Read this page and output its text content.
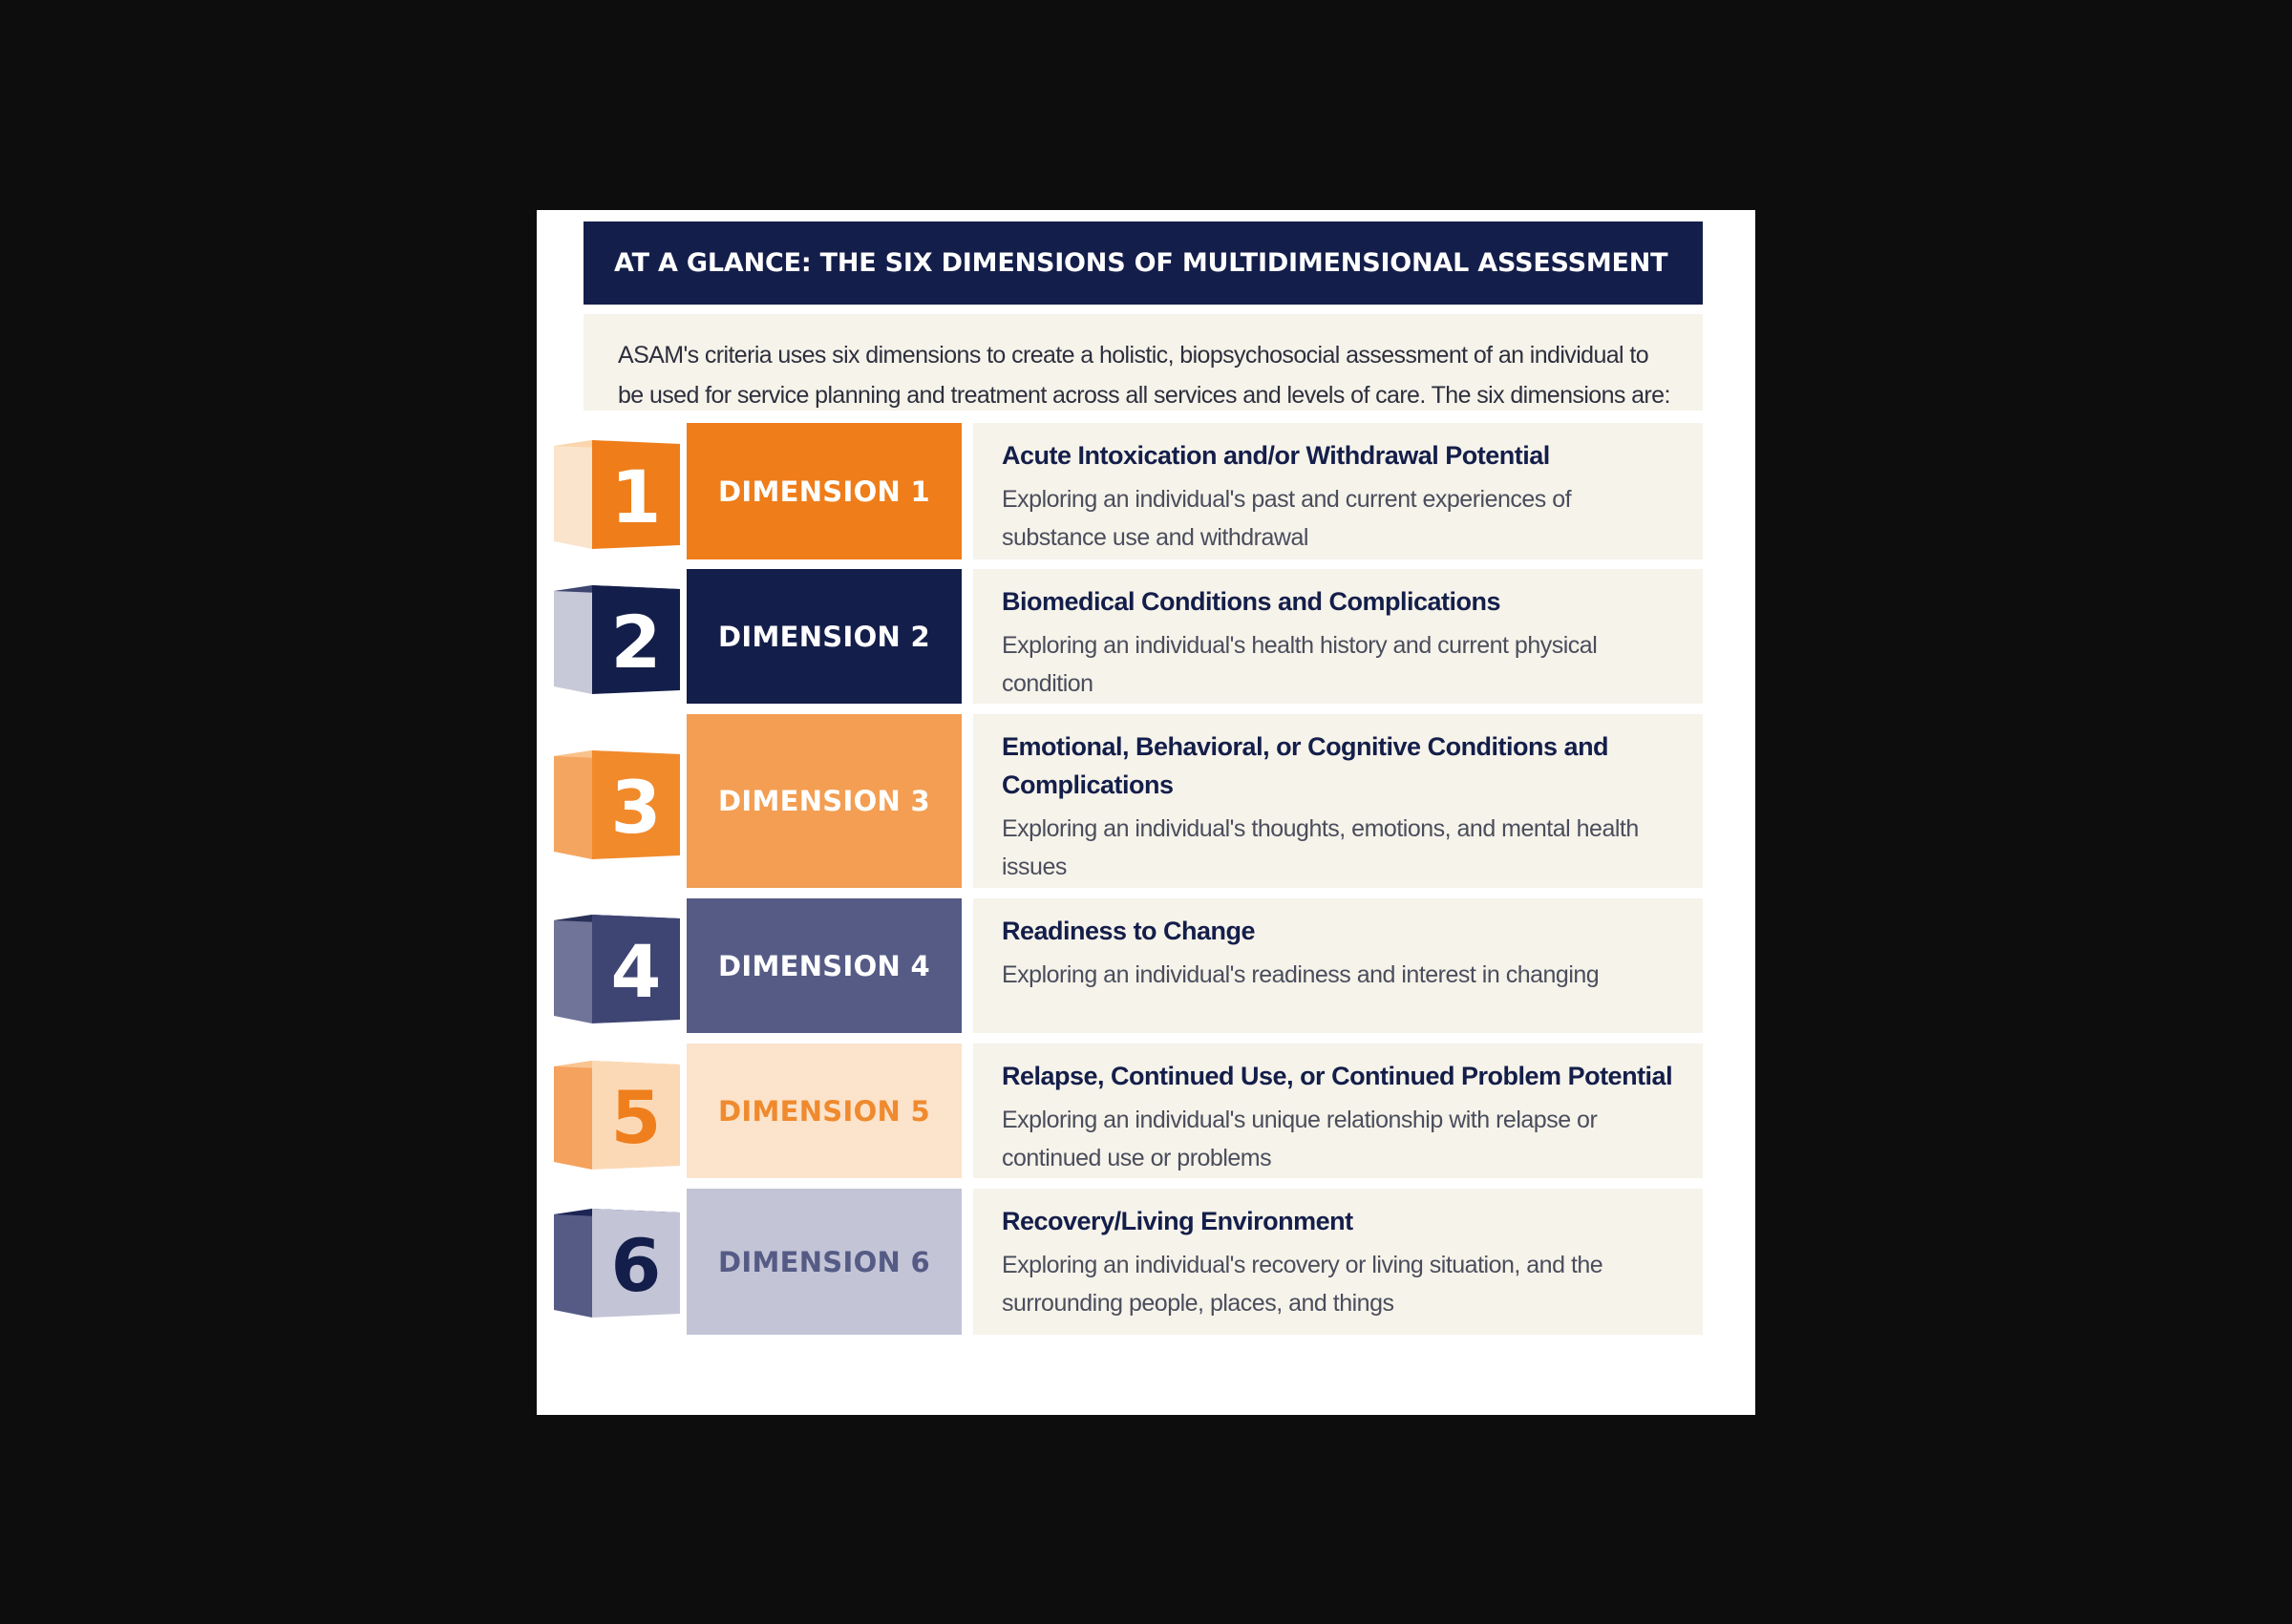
AT A GLANCE: THE SIX DIMENSIONS OF MULTIDIMENSIONAL ASSESSMENT
ASAM's criteria uses six dimensions to create a holistic, biopsychosocial assessment of an individual to be used for service planning and treatment across all services and levels of care. The six dimensions are:
1	DIMENSION 1
Acute Intoxication and/or Withdrawal Potential
Exploring an individual's past and current experiences of substance use and withdrawal
2	DIMENSION 2
Biomedical Conditions and Complications
Exploring an individual's health history and current physical condition
3	DIMENSION 3
Emotional, Behavioral, or Cognitive Conditions and Complications
Exploring an individual's thoughts, emotions, and mental health issues
4	DIMENSION 4
Readiness to Change
Exploring an individual's readiness and interest in changing
5	DIMENSION 5
Relapse, Continued Use, or Continued Problem Potential
Exploring an individual's unique relationship with relapse or continued use or problems
6	DIMENSION 6
Recovery/Living Environment
Exploring an individual's recovery or living situation, and the surrounding people, places, and things
